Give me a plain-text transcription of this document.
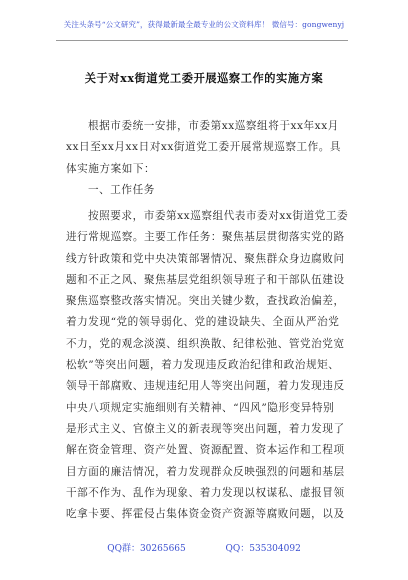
关注头条号“公文研究”，获得最新最全最专业的公文资料库！ 微信号：gongwenyj
关于对xx街道党工委开展巡察工作的实施方案
根据市委统一安排，市委第xx巡察组将于xx年xx月
xx日至xx月xx日对xx街道党工委开展常规巡察工作。具
体实施方案如下：
一、工作任务
按照要求，市委第xx巡察组代表市委对xx街道党工委
进行常规巡察。主要工作任务：聚焦基层贯彻落实党的路
线方针政策和党中央决策部署情况、聚焦群众身边腐败问
题和不正之风、聚焦基层党组织领导班子和干部队伍建设
聚焦巡察整改落实情况。突出关键少数，查找政治偏差，
着力发现“党的领导弱化、党的建设缺失、全面从严治党
不力，党的观念淡漠、组织涣散、纪律松弛、管党治党宽
松软”等突出问题，着力发现违反政治纪律和政治规矩、
领导干部腐败、违规违纪用人等突出问题，着力发现违反
中央八项规定实施细则有关精神、“四风”隐形变异特别
是形式主义、官僚主义的新表现等突出问题，着力发现了
解在资金管理、资产处置、资源配置、资本运作和工程项
目方面的廉洁情况，着力发现群众反映强烈的问题和基层
干部不作为、乱作为现象、着力发现以权谋私、虚报冒领
吃拿卡要、挥霍侵占集体资金资产资源等腐败问题，以及
QQ群：30265665	QQ：535304092
